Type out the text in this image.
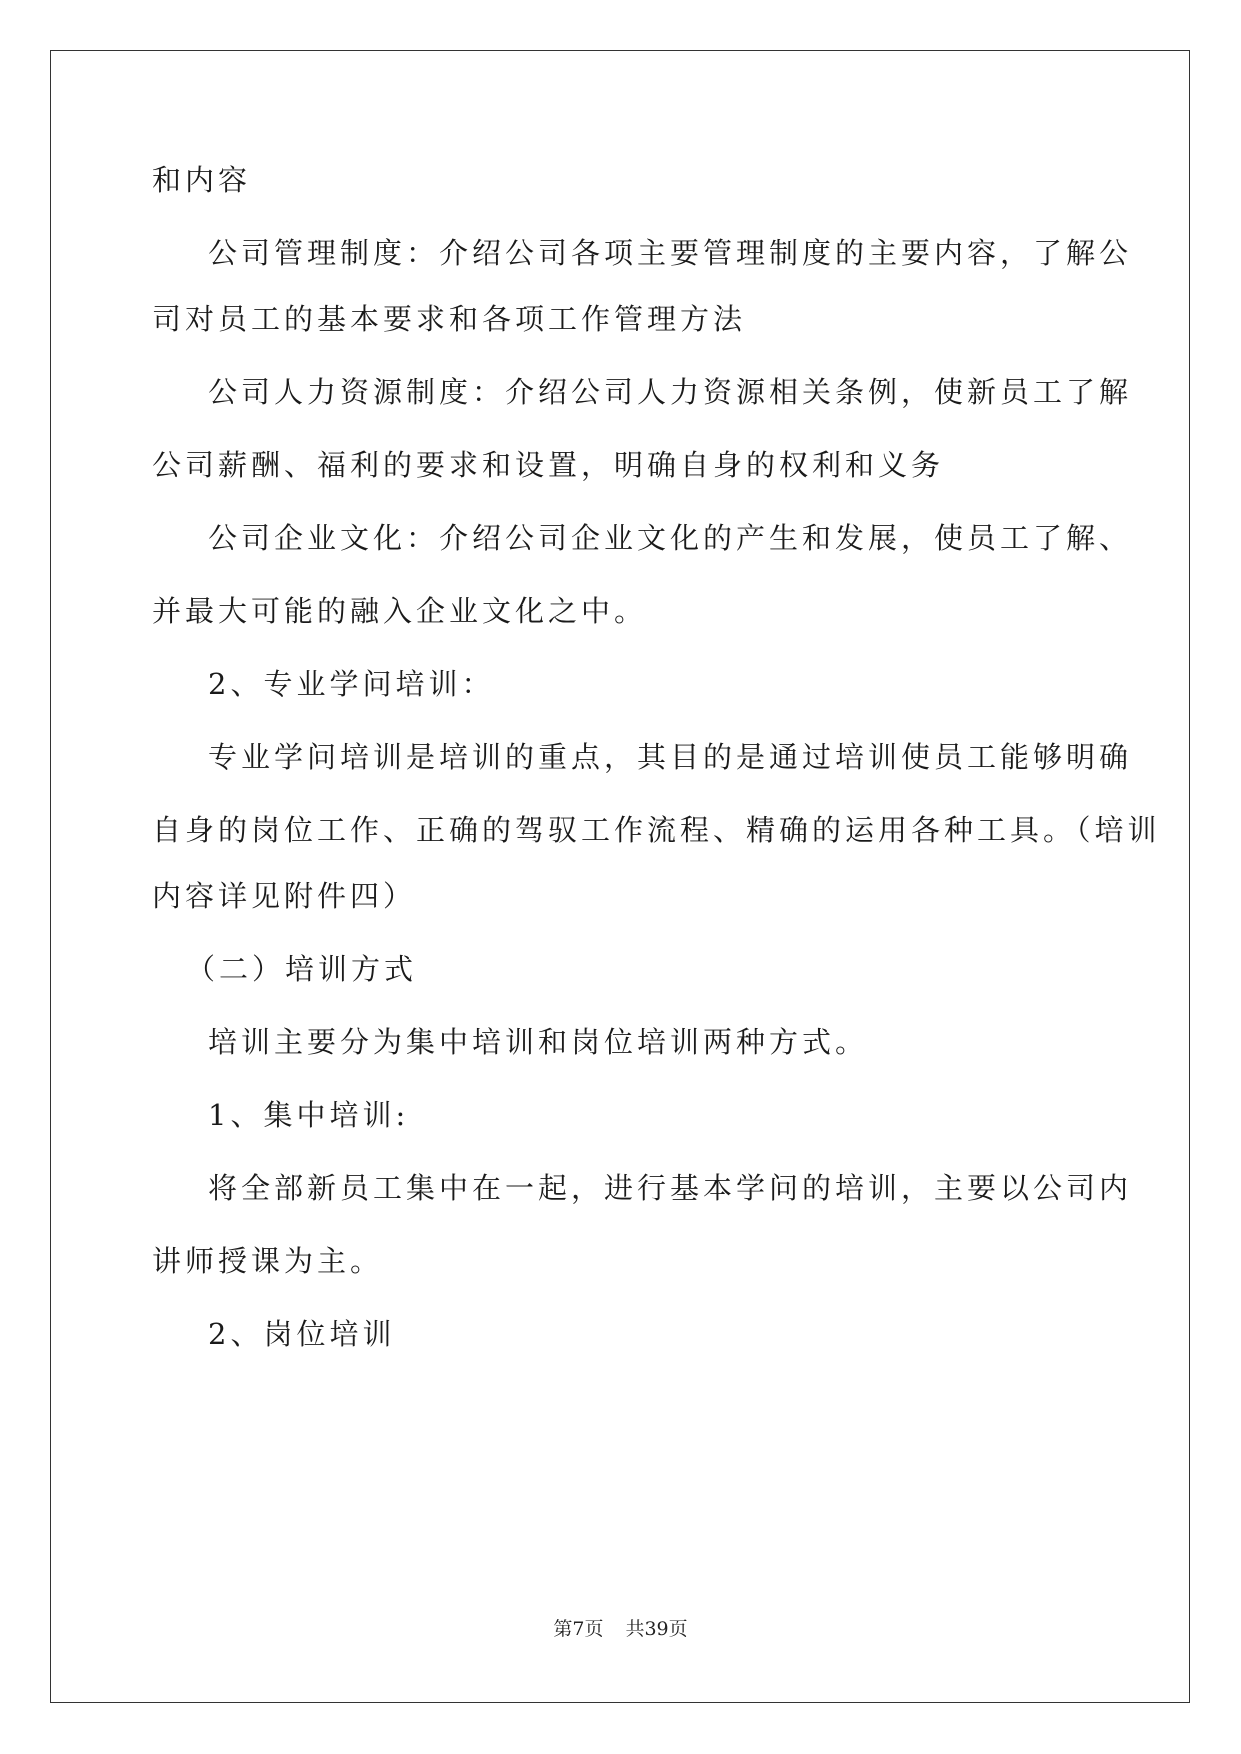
和内容
公司管理制度：介绍公司各项主要管理制度的主要内容，了解公
司对员工的基本要求和各项工作管理方法
公司人力资源制度：介绍公司人力资源相关条例，使新员工了解
公司薪酬、福利的要求和设置，明确自身的权利和义务
公司企业文化：介绍公司企业文化的产生和发展，使员工了解、
并最大可能的融入企业文化之中。
2、专业学问培训：
专业学问培训是培训的重点，其目的是通过培训使员工能够明确
自身的岗位工作、正确的驾驭工作流程、精确的运用各种工具。（培训
内容详见附件四）
（二）培训方式
培训主要分为集中培训和岗位培训两种方式。
1、集中培训:
将全部新员工集中在一起，进行基本学问的培训，主要以公司内
讲师授课为主。
2、岗位培训
第7页 共39页
